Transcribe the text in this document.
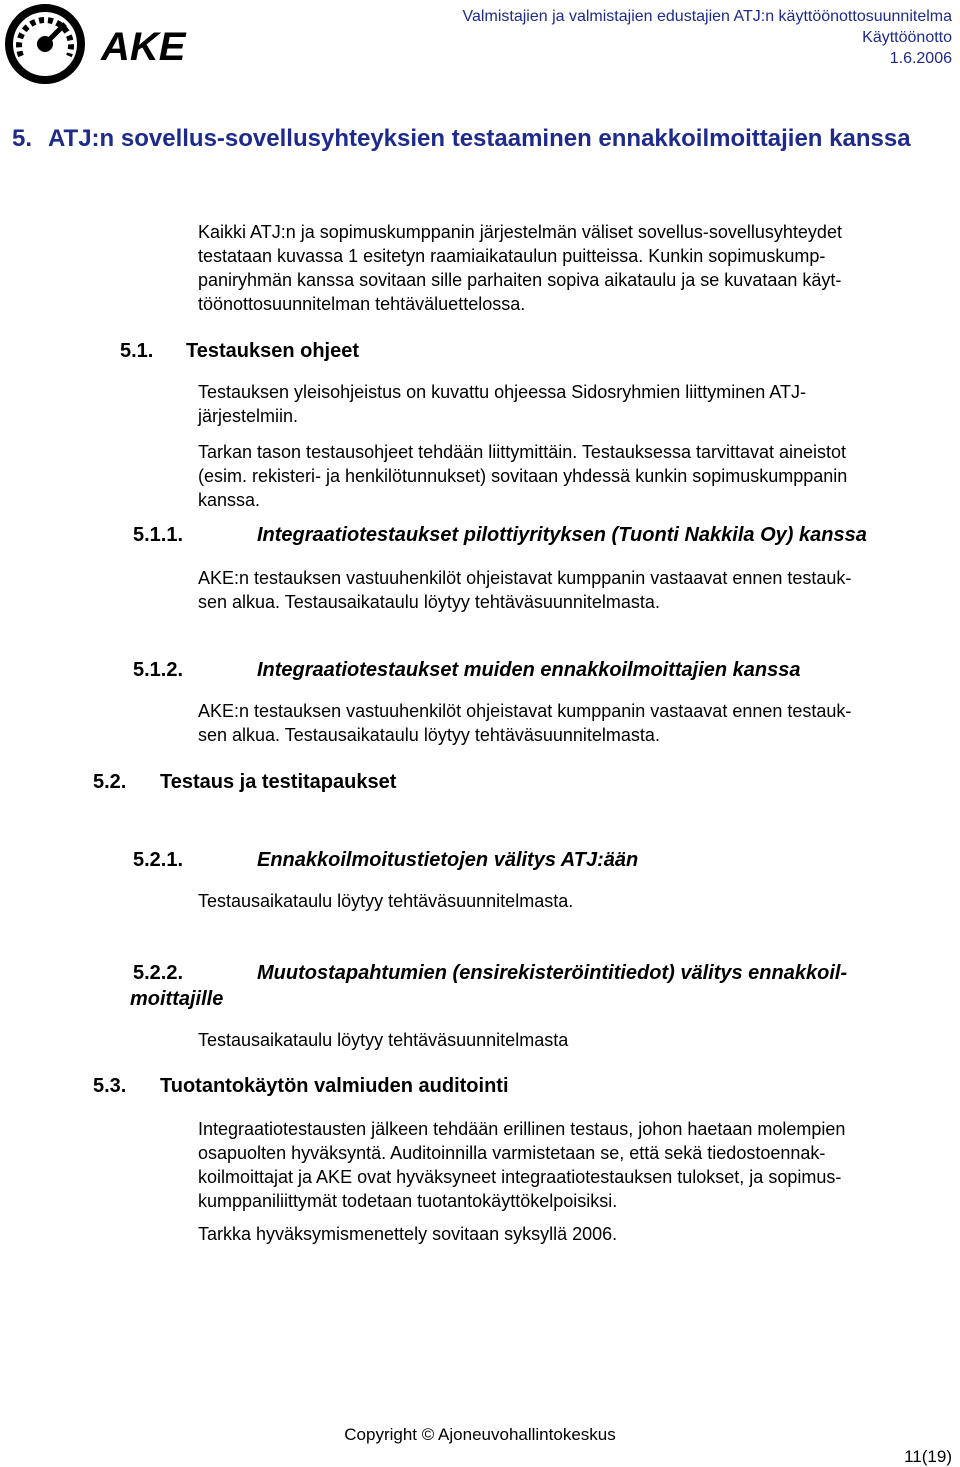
AKE
Valmistajien ja valmistajien edustajien ATJ:n käyttöönottosuunnitelma
Käyttöönotto
1.6.2006
5. ATJ:n sovellus-sovellusyhteyksien testaaminen ennakkoilmoittajien kanssa
Kaikki ATJ:n ja sopimuskumppanin järjestelmän väliset sovellus-sovellusyhteydet
testataan kuvassa 1 esitetyn raamiaikataulun puitteissa. Kunkin sopimuskump-
paniryhmän kanssa sovitaan sille parhaiten sopiva aikataulu ja se kuvataan käyt-
töönottosuunnitelman tehtäväluettelossa.
5.1. Testauksen ohjeet
Testauksen yleisohjeistus on kuvattu ohjeessa Sidosryhmien liittyminen ATJ-
järjestelmiin.
Tarkan tason testausohjeet tehdään liittymittäin. Testauksessa tarvittavat aineistot
(esim. rekisteri- ja henkilötunnukset) sovitaan yhdessä kunkin sopimuskumppanin
kanssa.
5.1.1.	Integraatiotestaukset pilottiyrityksen (Tuonti Nakkila Oy) kanssa
AKE:n testauksen vastuuhenkilöt ohjeistavat kumppanin vastaavat ennen testauk-
sen alkua. Testausaikataulu löytyy tehtäväsuunnitelmasta.
5.1.2.	Integraatiotestaukset muiden ennakkoilmoittajien kanssa
AKE:n testauksen vastuuhenkilöt ohjeistavat kumppanin vastaavat ennen testauk-
sen alkua. Testausaikataulu löytyy tehtäväsuunnitelmasta.
5.2. Testaus ja testitapaukset
5.2.1.	Ennakkoilmoitustietojen välitys ATJ:ään
Testausaikataulu löytyy tehtäväsuunnitelmasta.
5.2.2.	Muutostapahtumien (ensirekisteröintitiedot) välitys ennakkoil-
moittajille
Testausaikataulu löytyy tehtäväsuunnitelmasta
5.3. Tuotantokäytön valmiuden auditointi
Integraatiotestausten jälkeen tehdään erillinen testaus, johon haetaan molempien
osapuolten hyväksyntä. Auditoinnilla varmistetaan se, että sekä tiedostoennak-
koilmoittajat ja AKE ovat hyväksyneet integraatiotestauksen tulokset, ja sopimus-
kumppaniliittymät todetaan tuotantokäyttökelpoisiksi.
Tarkka hyväksymismenettely sovitaan syksyllä 2006.
Copyright © Ajoneuvohallintokeskus
11(19)
